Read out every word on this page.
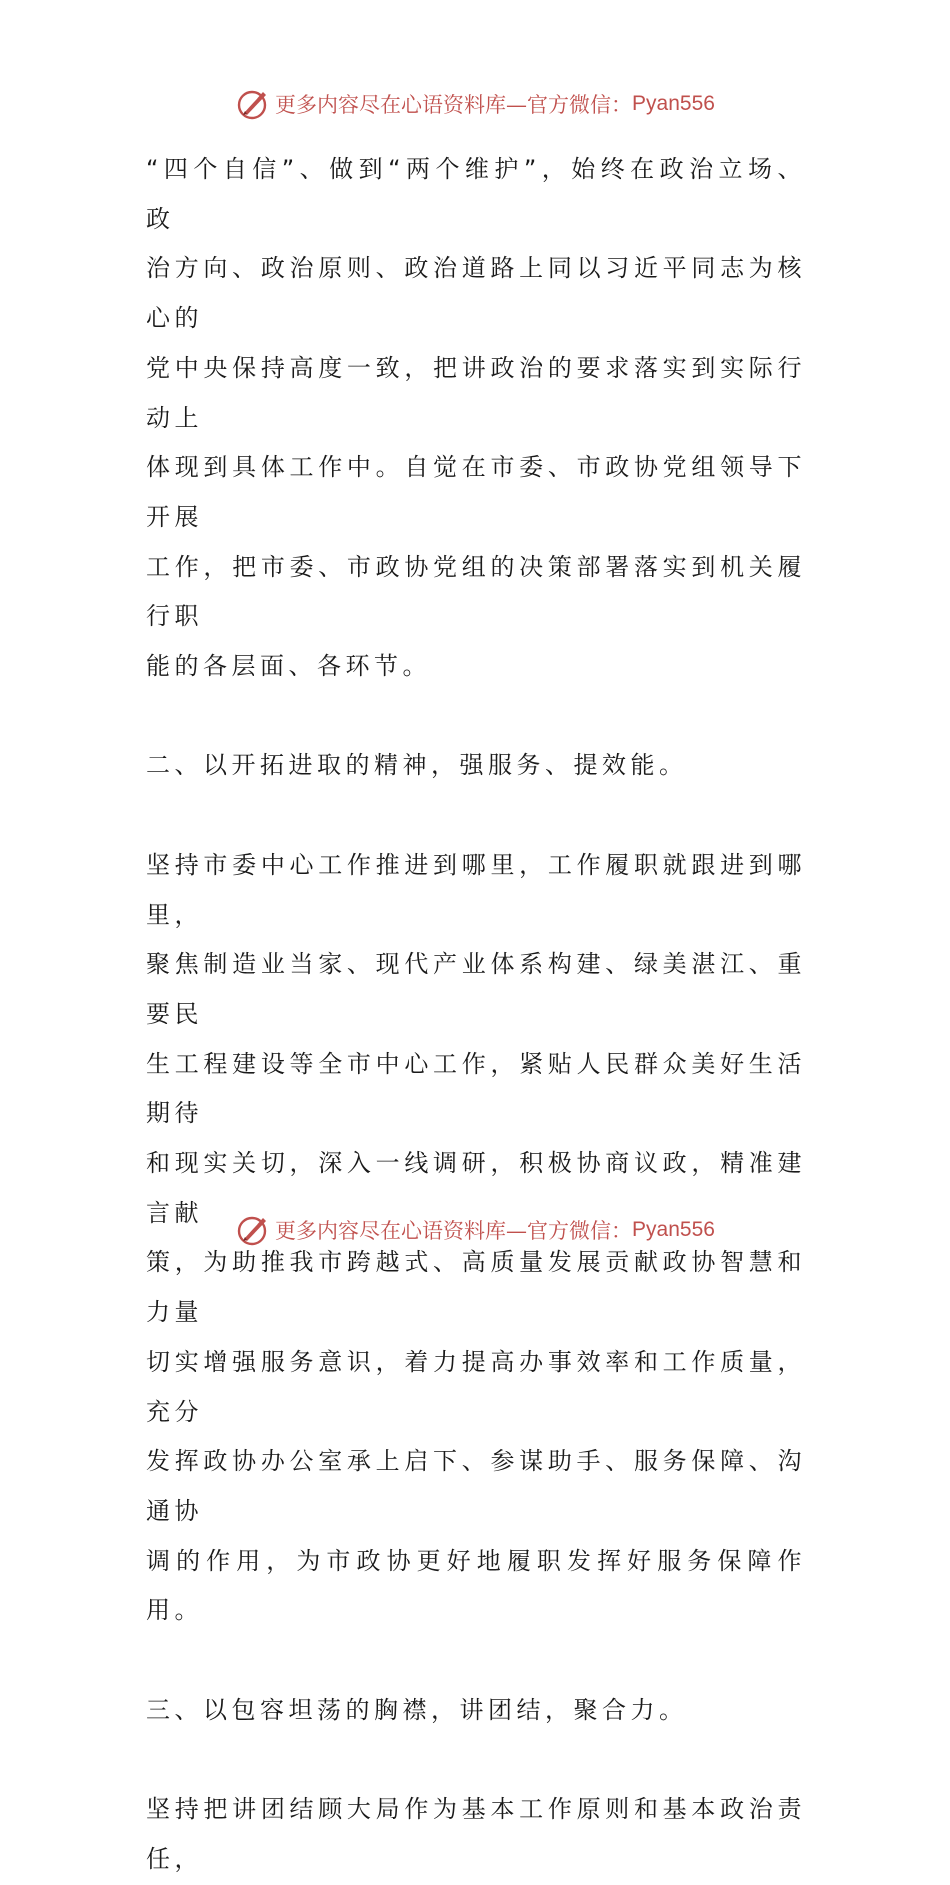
更多内容尽在心语资料库—官方微信： Pyan556
“四个自信”、做到“两个维护”，始终在政治立场、政
治方向、政治原则、政治道路上同以习近平同志为核心的
党中央保持高度一致，把讲政治的要求落实到实际行动上
体现到具体工作中。自觉在市委、市政协党组领导下开展
工作，把市委、市政协党组的决策部署落实到机关履行职
能的各层面、各环节。
二、以开拓进取的精神，强服务、提效能。
坚持市委中心工作推进到哪里，工作履职就跟进到哪里，
聚焦制造业当家、现代产业体系构建、绿美湛江、重要民
生工程建设等全市中心工作，紧贴人民群众美好生活期待
和现实关切，深入一线调研，积极协商议政，精准建言献
策，为助推我市跨越式、高质量发展贡献政协智慧和力量
切实增强服务意识，着力提高办事效率和工作质量，充分
发挥政协办公室承上启下、参谋助手、服务保障、沟通协
调的作用，为市政协更好地履职发挥好服务保障作用。
三、以包容坦荡的胸襟，讲团结，聚合力。
坚持把讲团结顾大局作为基本工作原则和基本政治责任，
更多内容尽在心语资料库—官方微信： Pyan556
